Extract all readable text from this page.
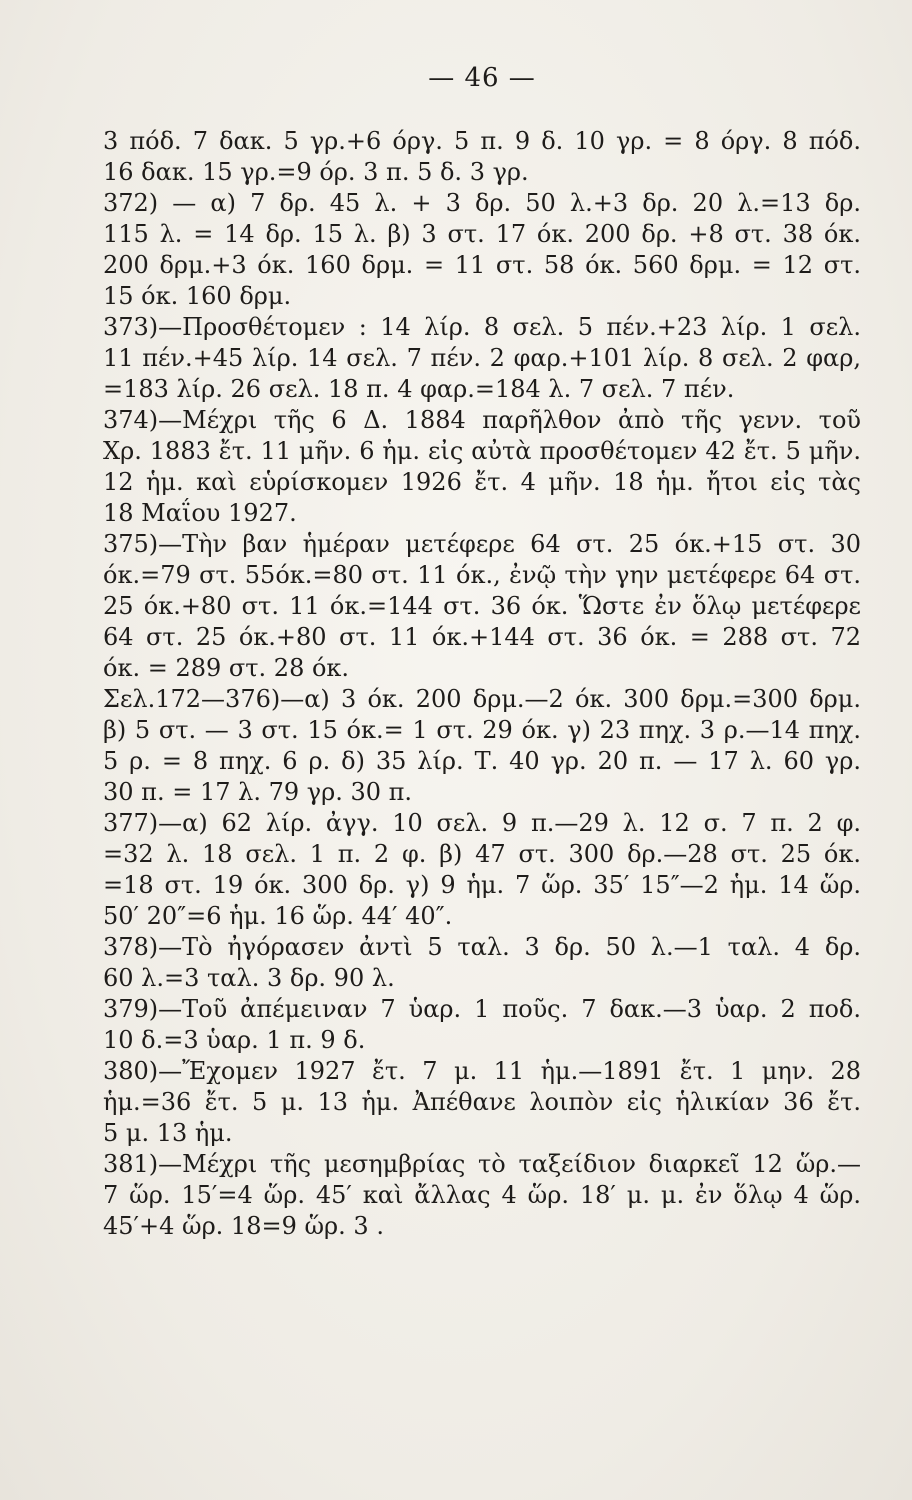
— 46 —
3 πόδ. 7 δακ. 5 γρ.+6 όργ. 5 π. 9 δ. 10 γρ. = 8 όργ. 8 πόδ.
16 δακ. 15 γρ.=9 όρ. 3 π. 5 δ. 3 γρ.
372) — α) 7 δρ. 45 λ. + 3 δρ. 50 λ.+3 δρ. 20 λ.=13 δρ.
115 λ. = 14 δρ. 15 λ. β) 3 στ. 17 όκ. 200 δρ. +8 στ. 38 όκ.
200 δρμ.+3 όκ. 160 δρμ. = 11 στ. 58 όκ. 560 δρμ. = 12 στ.
15 όκ. 160 δρμ.
373)—Προσθέτομεν : 14 λίρ. 8 σελ. 5 πέν.+23 λίρ. 1 σελ.
11 πέν.+45 λίρ. 14 σελ. 7 πέν. 2 φαρ.+101 λίρ. 8 σελ. 2 φαρ,
=183 λίρ. 26 σελ. 18 π. 4 φαρ.=184 λ. 7 σελ. 7 πέν.
374)—Μέχρι τῆς 6 Δ. 1884 παρῆλθον ἀπὸ τῆς γενν. τοῦ
Χρ. 1883 ἔτ. 11 μῆν. 6 ἡμ. εἰς αὐτὰ προσθέτομεν 42 ἔτ. 5 μῆν.
12 ἡμ. καὶ εὑρίσκομεν 1926 ἔτ. 4 μῆν. 18 ἡμ. ἤτοι εἰς τὰς
18 Μαΐου 1927.
375)—Τὴν βαν ἡμέραν μετέφερε 64 στ. 25 όκ.+15 στ. 30
όκ.=79 στ. 55όκ.=80 στ. 11 όκ., ἐνῷ τὴν γην μετέφερε 64 στ.
25 όκ.+80 στ. 11 όκ.=144 στ. 36 όκ. Ὥστε ἐν ὅλῳ μετέφερε
64 στ. 25 όκ.+80 στ. 11 όκ.+144 στ. 36 όκ. = 288 στ. 72
όκ. = 289 στ. 28 όκ.
Σελ.172—376)—α) 3 όκ. 200 δρμ.—2 όκ. 300 δρμ.=300 δρμ.
β) 5 στ. — 3 στ. 15 όκ.= 1 στ. 29 όκ. γ) 23 πηχ. 3 ρ.—14 πηχ.
5 ρ. = 8 πηχ. 6 ρ. δ) 35 λίρ. Τ. 40 γρ. 20 π. — 17 λ. 60 γρ.
30 π. = 17 λ. 79 γρ. 30 π.
377)—α) 62 λίρ. ἀγγ. 10 σελ. 9 π.—29 λ. 12 σ. 7 π. 2 φ.
=32 λ. 18 σελ. 1 π. 2 φ. β) 47 στ. 300 δρ.—28 στ. 25 όκ.
=18 στ. 19 όκ. 300 δρ. γ) 9 ἡμ. 7 ὥρ. 35′ 15″—2 ἡμ. 14 ὥρ.
50′ 20″=6 ἡμ. 16 ὥρ. 44′ 40″.
378)—Τὸ ἠγόρασεν ἀντὶ 5 ταλ. 3 δρ. 50 λ.—1 ταλ. 4 δρ.
60 λ.=3 ταλ. 3 δρ. 90 λ.
379)—Τοῦ ἀπέμειναν 7 ὑαρ. 1 ποῦς. 7 δακ.—3 ὑαρ. 2 ποδ.
10 δ.=3 ὑαρ. 1 π. 9 δ.
380)—Ἔχομεν 1927 ἔτ. 7 μ. 11 ἡμ.—1891 ἔτ. 1 μην. 28
ἡμ.=36 ἔτ. 5 μ. 13 ἡμ. Ἀπέθανε λοιπὸν εἰς ἡλικίαν 36 ἔτ.
5 μ. 13 ἡμ.
381)—Μέχρι τῆς μεσημβρίας τὸ ταξείδιον διαρκεῖ 12 ὥρ.—
7 ὥρ. 15′=4 ὥρ. 45′ καὶ ἄλλας 4 ὥρ. 18′ μ. μ. ἐν ὅλῳ 4 ὥρ.
45′+4 ὥρ. 18=9 ὥρ. 3 .
